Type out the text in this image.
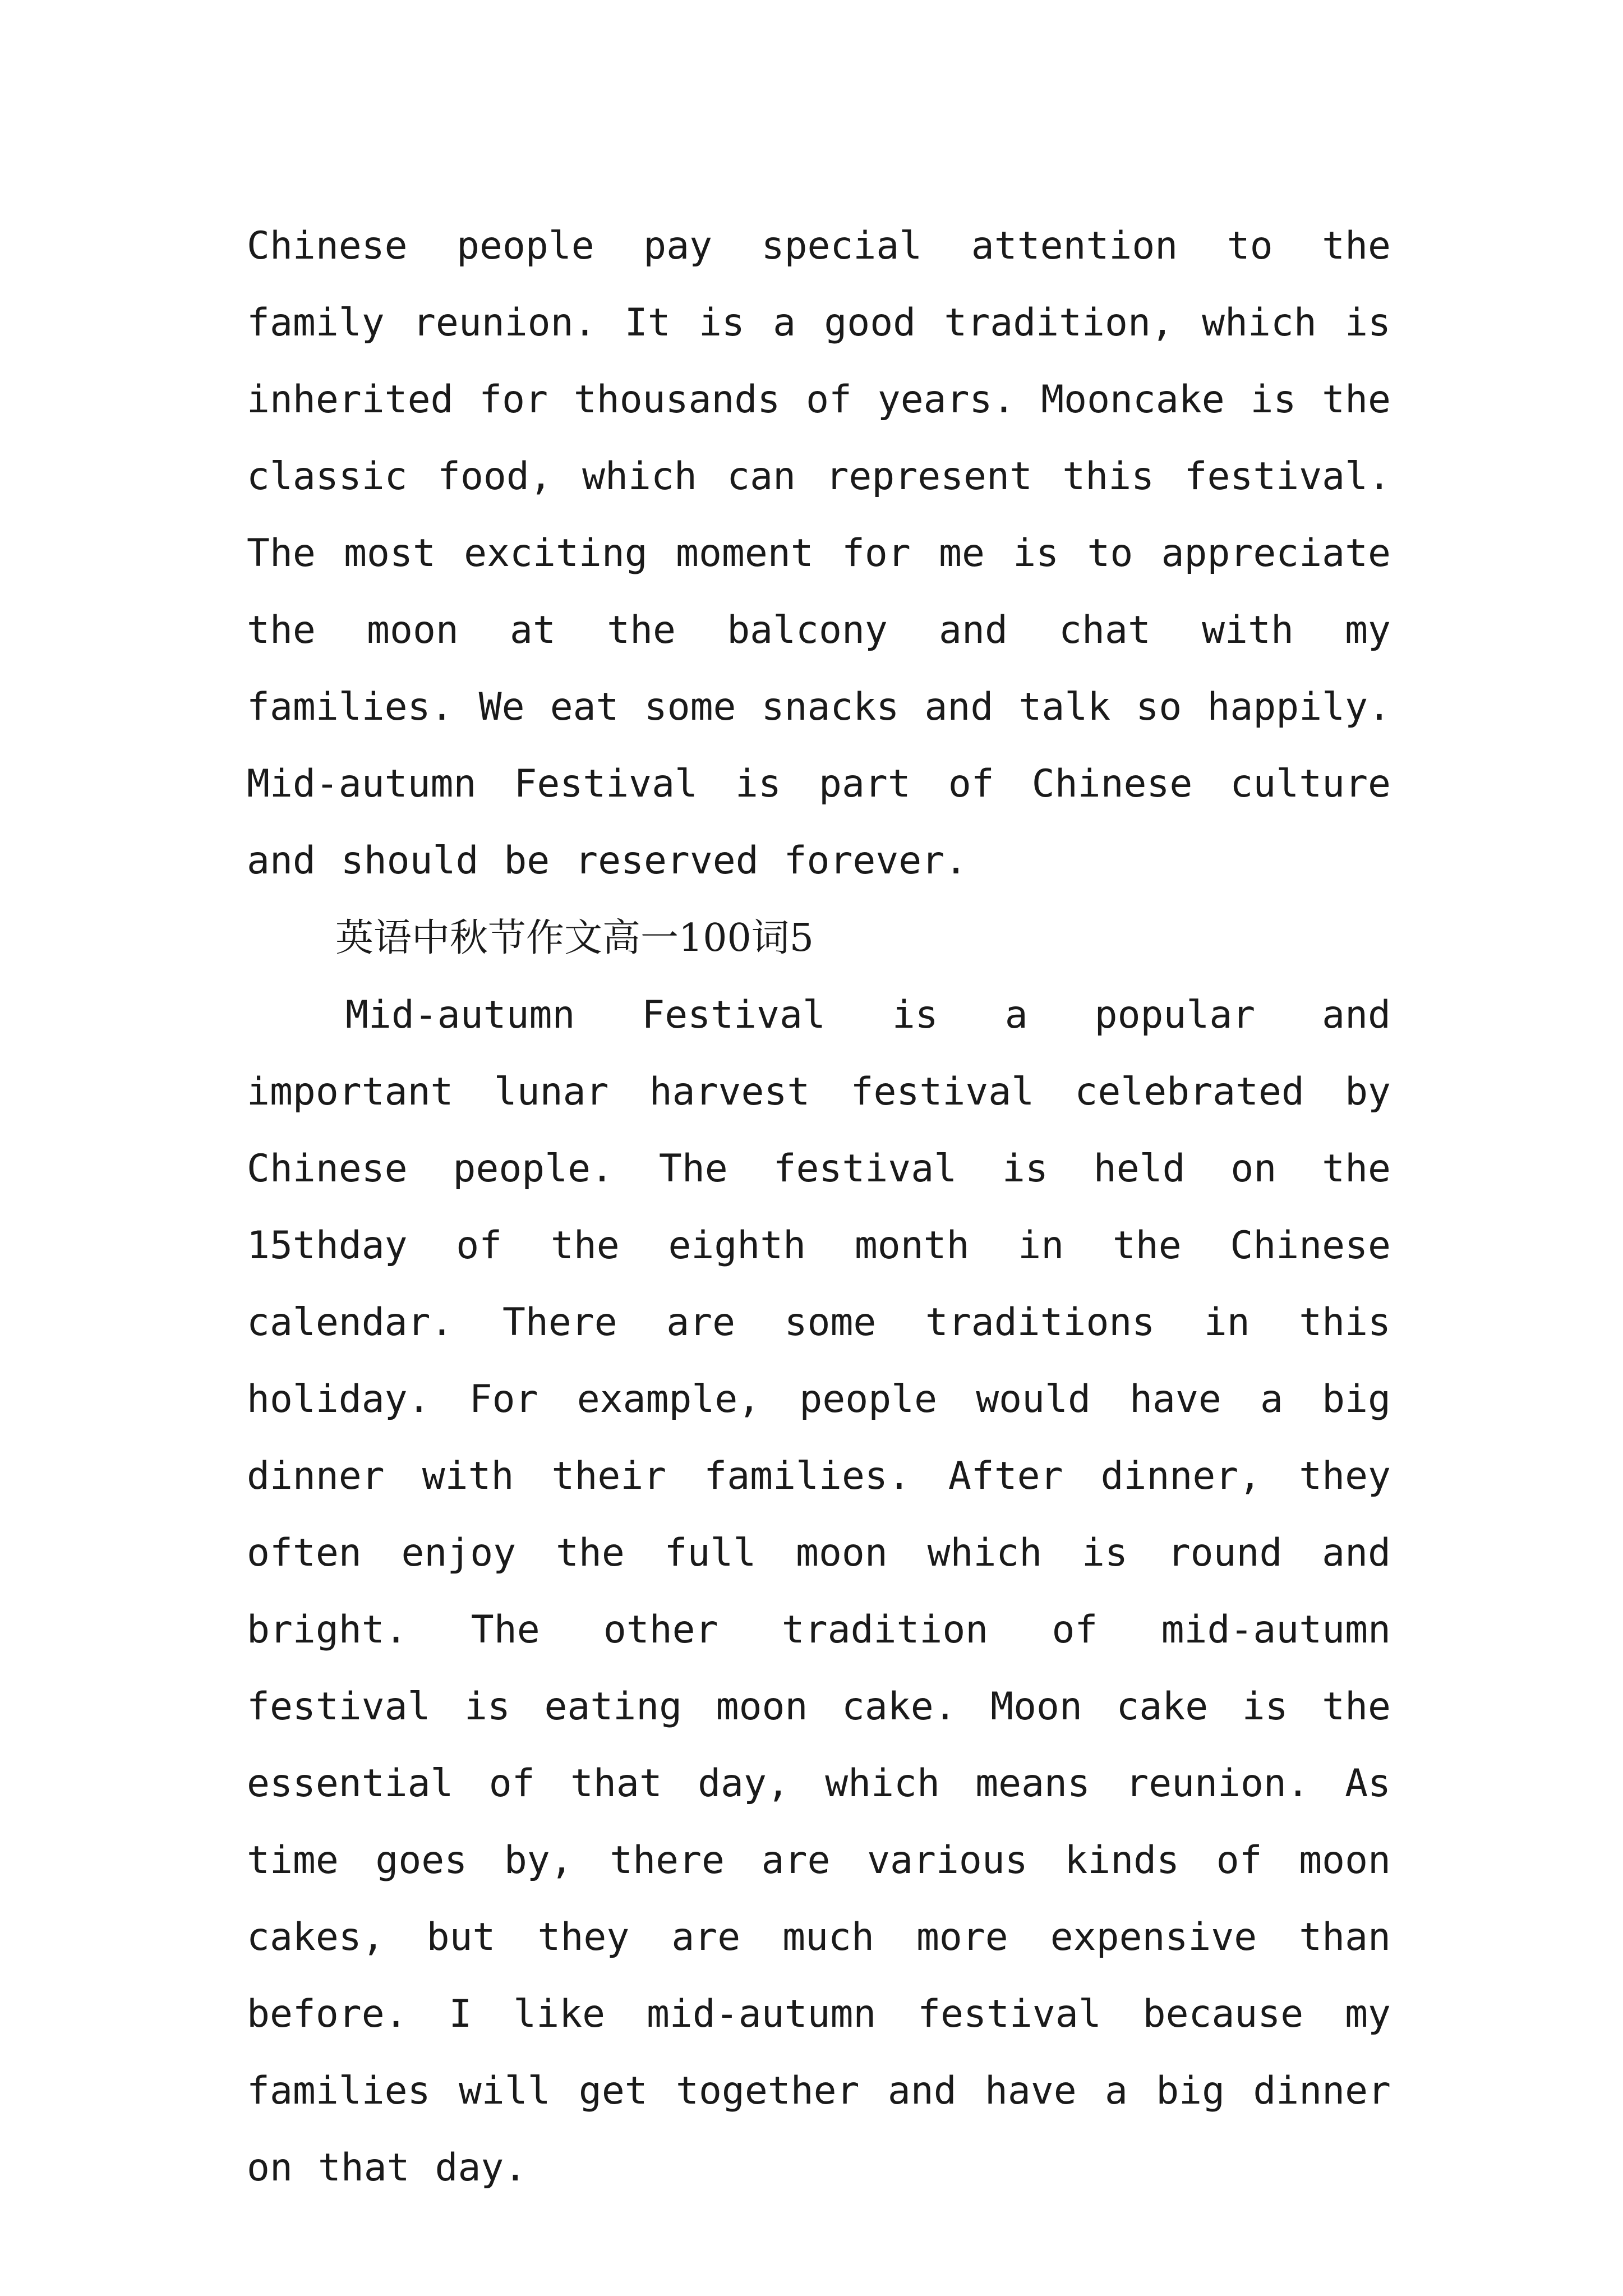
Chinese people pay special attention to the family reunion. It is a good tradition, which is inherited for thousands of years. Mooncake is the classic food, which can represent this festival. The most exciting moment for me is to appreciate the moon at the balcony and chat with my families. We eat some snacks and talk so happily. Mid-autumn Festival is part of Chinese culture and should be reserved forever.

英语中秋节作文高一100词5

Mid-autumn Festival is a popular and important lunar harvest festival celebrated by Chinese people. The festival is held on the 15thday of the eighth month in the Chinese calendar. There are some traditions in this holiday. For example, people would have a big dinner with their families. After dinner, they often enjoy the full moon which is round and bright. The other tradition of mid-autumn festival is eating moon cake. Moon cake is the essential of that day, which means reunion. As time goes by, there are various kinds of moon cakes, but they are much more expensive than before. I like mid-autumn festival because my families will get together and have a big dinner on that day.
